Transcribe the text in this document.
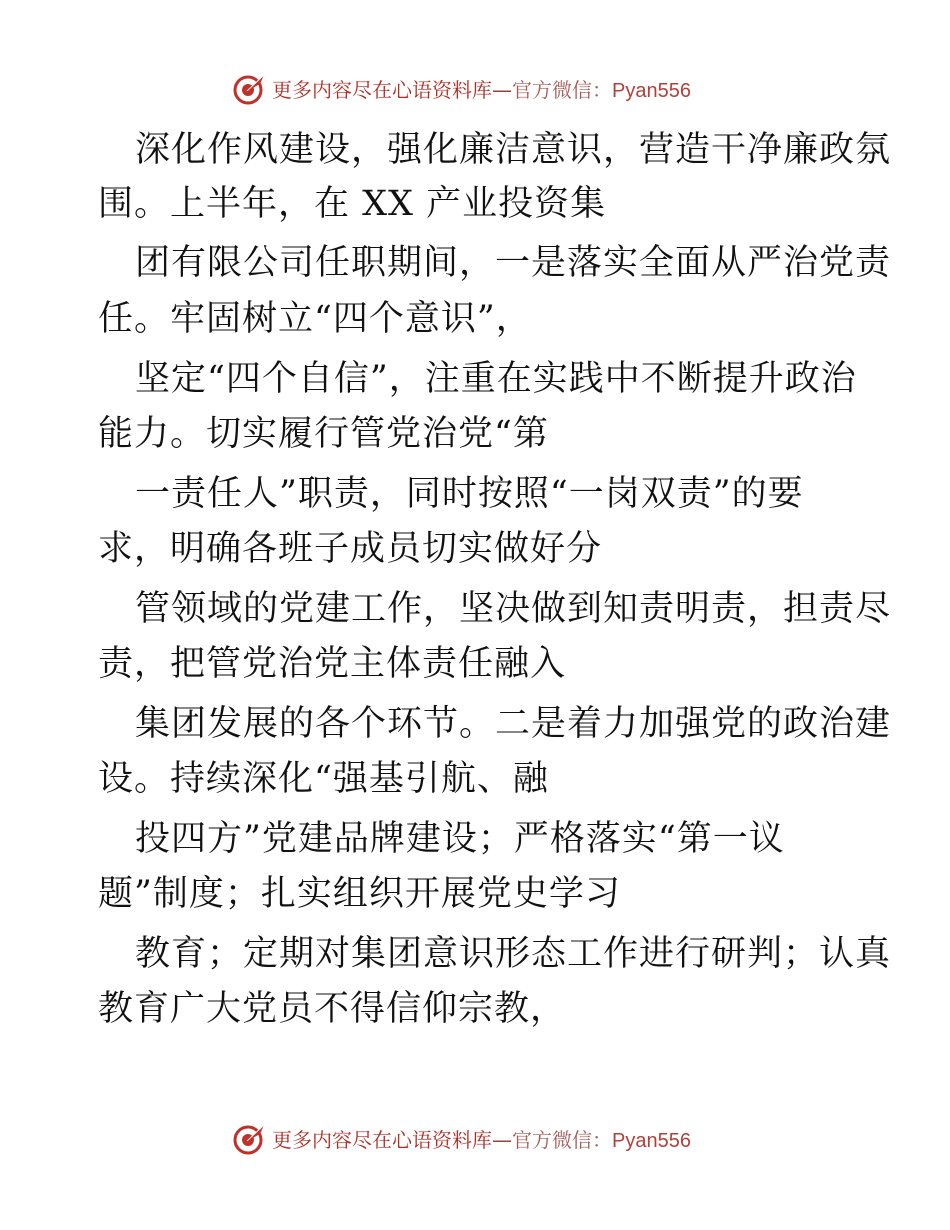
更多内容尽在心语资料库—官方微信：Pyan556
深化作风建设，强化廉洁意识，营造干净廉政氛
围。上半年，在 XX 产业投资集
团有限公司任职期间，一是落实全面从严治党责
任。牢固树立“四个意识”，
坚定“四个自信”，注重在实践中不断提升政治
能力。切实履行管党治党“第
一责任人”职责，同时按照“一岗双责”的要
求，明确各班子成员切实做好分
管领域的党建工作，坚决做到知责明责，担责尽
责，把管党治党主体责任融入
集团发展的各个环节。二是着力加强党的政治建
设。持续深化“强基引航、融
投四方”党建品牌建设；严格落实“第一议
题”制度；扎实组织开展党史学习
教育；定期对集团意识形态工作进行研判；认真
教育广大党员不得信仰宗教，
更多内容尽在心语资料库—官方微信：Pyan556
